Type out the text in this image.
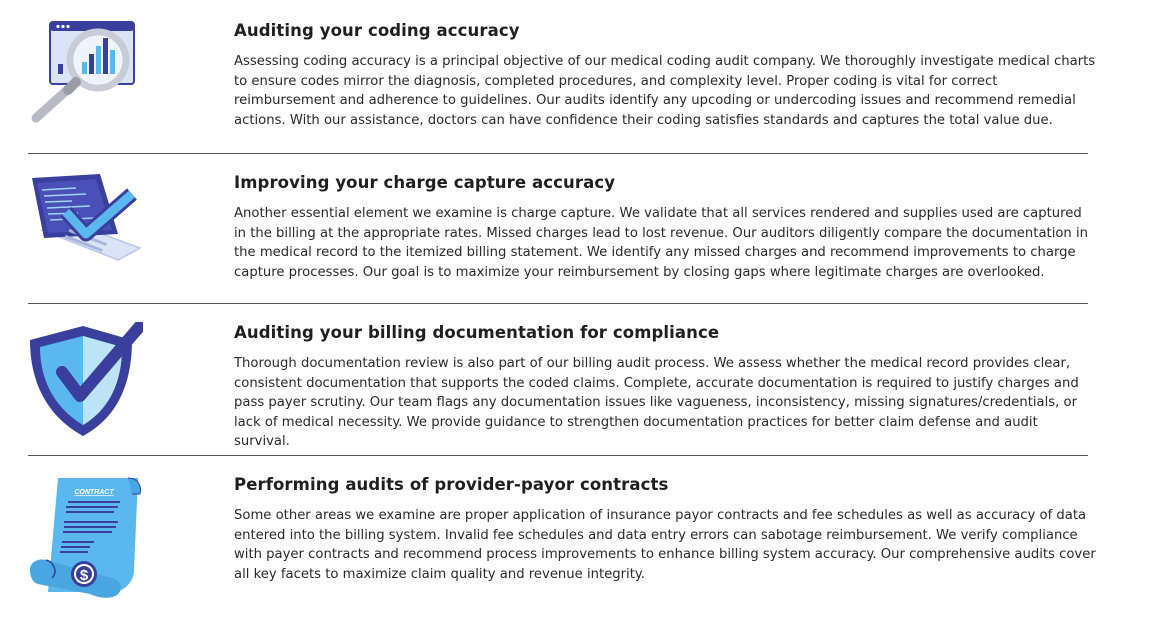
Auditing your coding accuracy

Assessing coding accuracy is a principal objective of our medical coding audit company. We thoroughly investigate medical charts to ensure codes mirror the diagnosis, completed procedures, and complexity level. Proper coding is vital for correct reimbursement and adherence to guidelines. Our audits identify any upcoding or undercoding issues and recommend remedial actions. With our assistance, doctors can have confidence their coding satisfies standards and captures the total value due.

Improving your charge capture accuracy

Another essential element we examine is charge capture. We validate that all services rendered and supplies used are captured in the billing at the appropriate rates. Missed charges lead to lost revenue. Our auditors diligently compare the documentation in the medical record to the itemized billing statement. We identify any missed charges and recommend improvements to charge capture processes. Our goal is to maximize your reimbursement by closing gaps where legitimate charges are overlooked.

Auditing your billing documentation for compliance

Thorough documentation review is also part of our billing audit process. We assess whether the medical record provides clear, consistent documentation that supports the coded claims. Complete, accurate documentation is required to justify charges and pass payer scrutiny. Our team flags any documentation issues like vagueness, inconsistency, missing signatures/credentials, or lack of medical necessity. We provide guidance to strengthen documentation practices for better claim defense and audit survival.

CONTRACT
$
Performing audits of provider-payor contracts

Some other areas we examine are proper application of insurance payor contracts and fee schedules as well as accuracy of data entered into the billing system. Invalid fee schedules and data entry errors can sabotage reimbursement. We verify compliance with payer contracts and recommend process improvements to enhance billing system accuracy. Our comprehensive audits cover all key facets to maximize claim quality and revenue integrity.
